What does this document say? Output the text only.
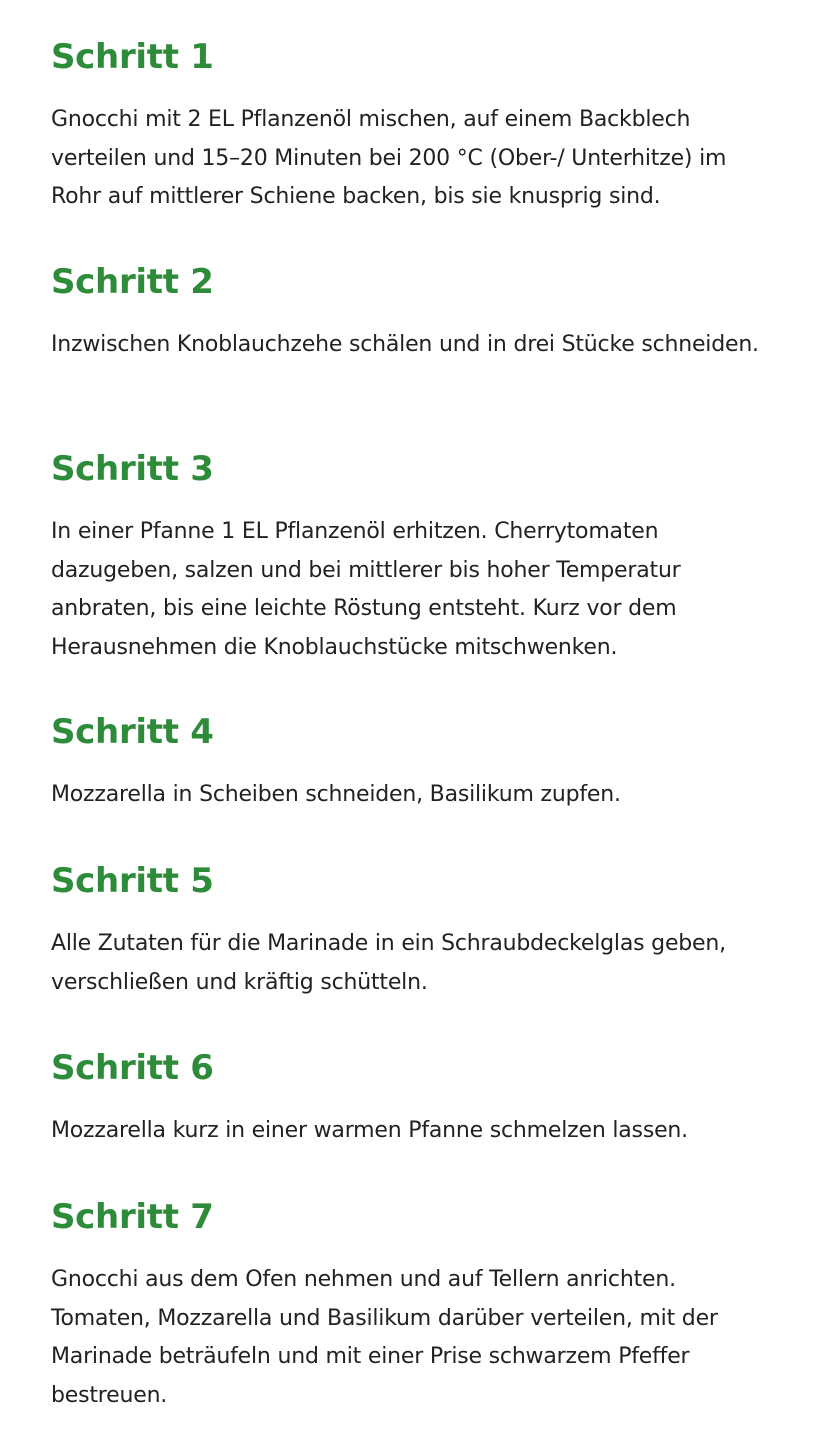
Schritt 1

Gnocchi mit 2 EL Pflanzenöl mischen, auf einem Backblech verteilen und 15–20 Minuten bei 200 °C (Ober-/ Unterhitze) im Rohr auf mittlerer Schiene backen, bis sie knusprig sind.

Schritt 2

Inzwischen Knoblauchzehe schälen und in drei Stücke schneiden.

Schritt 3

In einer Pfanne 1 EL Pflanzenöl erhitzen. Cherrytomaten dazugeben, salzen und bei mittlerer bis hoher Temperatur anbraten, bis eine leichte Röstung entsteht. Kurz vor dem Herausnehmen die Knoblauchstücke mitschwenken.

Schritt 4

Mozzarella in Scheiben schneiden, Basilikum zupfen.

Schritt 5

Alle Zutaten für die Marinade in ein Schraubdeckelglas geben, verschließen und kräftig schütteln.

Schritt 6

Mozzarella kurz in einer warmen Pfanne schmelzen lassen.

Schritt 7

Gnocchi aus dem Ofen nehmen und auf Tellern anrichten. Tomaten, Mozzarella und Basilikum darüber verteilen, mit der Marinade beträufeln und mit einer Prise schwarzem Pfeffer bestreuen.
